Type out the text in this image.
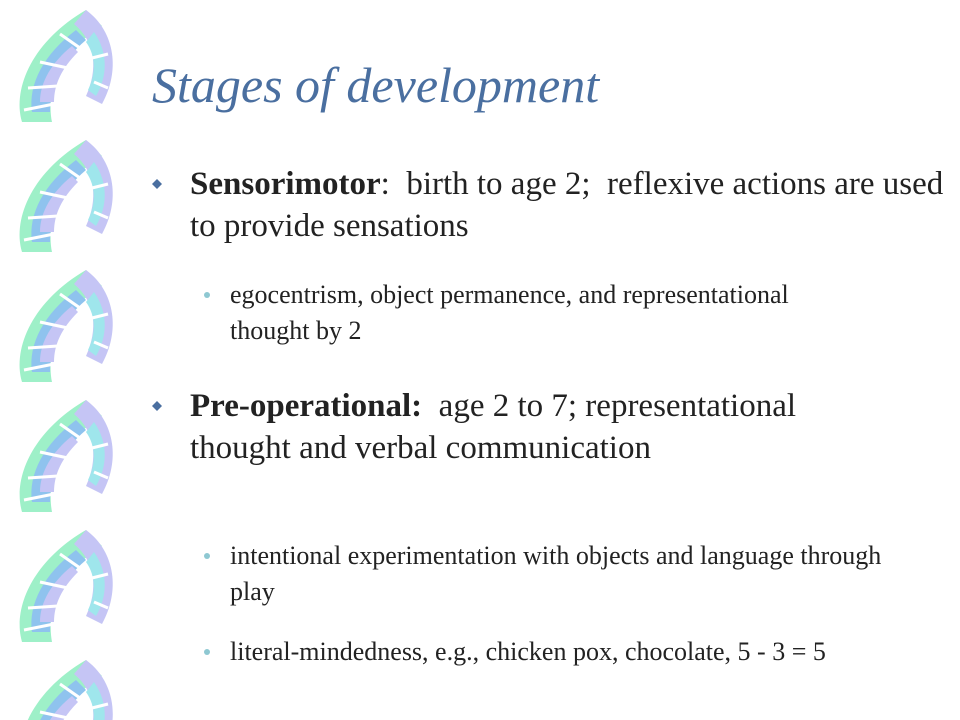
Stages of development
Sensorimotor:  birth to age 2;  reflexive actions are used to provide sensations
egocentrism, object permanence, and representational thought by 2
Pre-operational:  age 2 to 7; representational thought and verbal communication
intentional experimentation with objects and language through play
literal-mindedness, e.g., chicken pox, chocolate, 5 - 3 = 5
